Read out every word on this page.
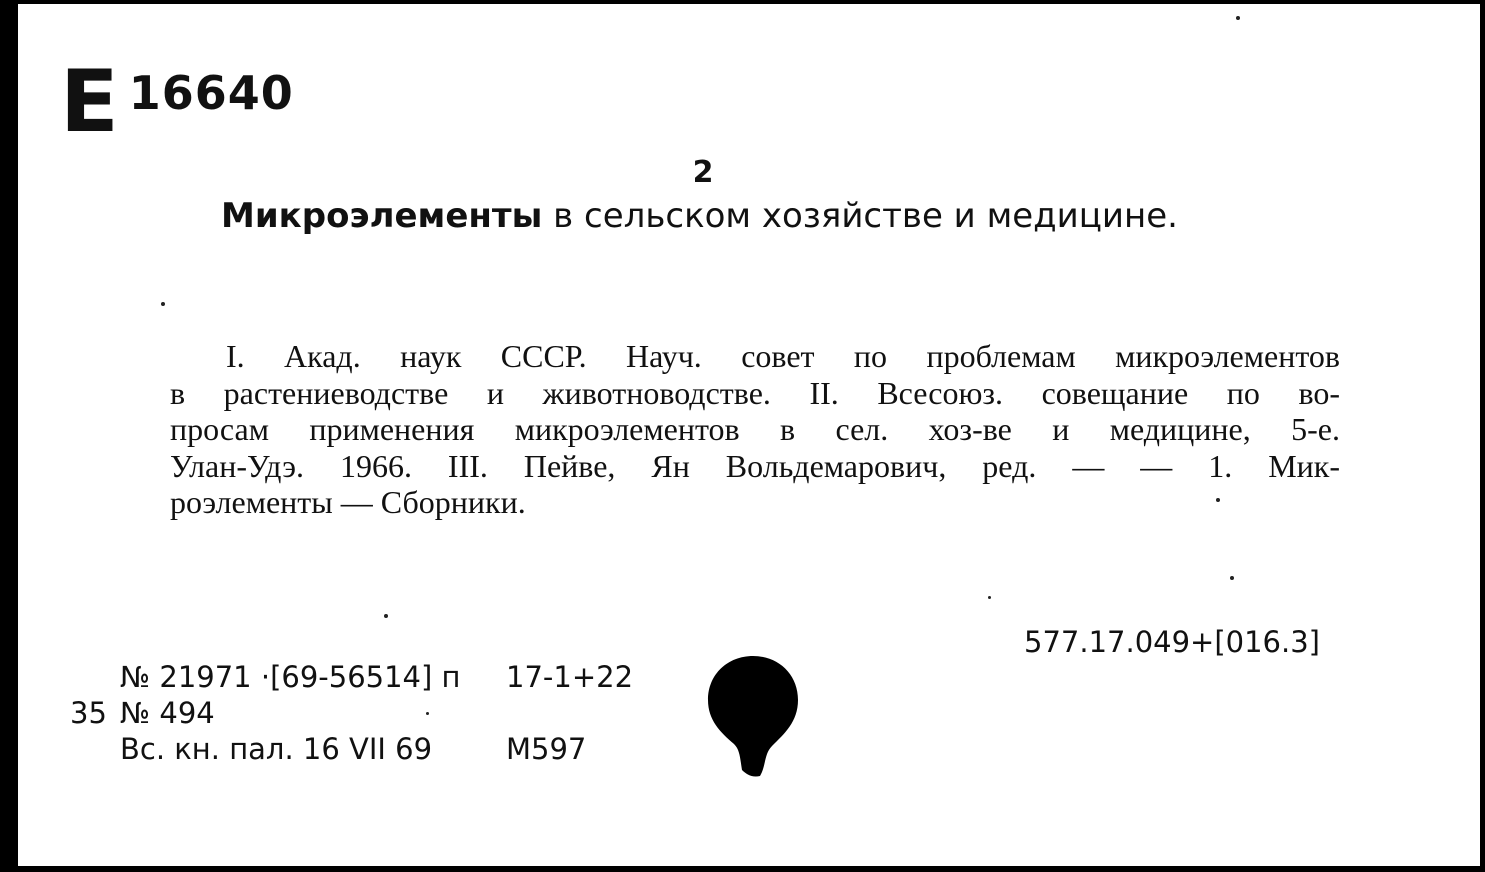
Е 16640
2
Микроэлементы в сельском хозяйстве и медицине.
I. Акад. наук СССР. Науч. совет по проблемам микроэлементов
в растениеводстве и животноводстве. II. Всесоюз. совещание по во-
просам применения микроэлементов в сел. хоз-ве и медицине, 5-е.
Улан-Удэ. 1966. III. Пейве, Ян Вольдемарович, ред. — — 1. Мик-
роэлементы — Сборники.
577.17.049+[016.3]
№ 21971 ·[69-56514] п	17-1+22
35 № 494
Вс. кн. пал. 16 VII 69	М597
